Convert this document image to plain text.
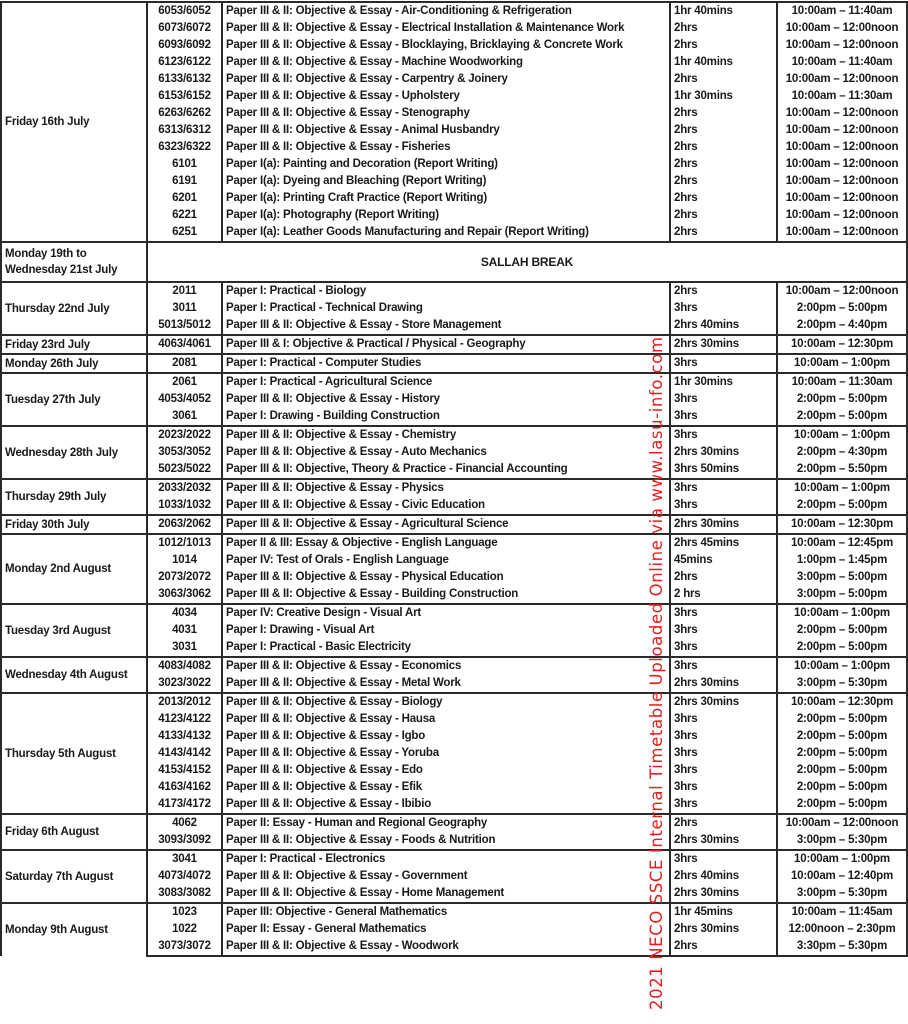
Friday 16th July	6053/6052	Paper III & II: Objective & Essay - Air-Conditioning & Refrigeration	1hr 40mins	10:00am – 11:40am
	6073/6072	Paper III & II: Objective & Essay - Electrical Installation & Maintenance Work	2hrs	10:00am – 12:00noon
	6093/6092	Paper III & II: Objective & Essay - Blocklaying, Bricklaying & Concrete Work	2hrs	10:00am – 12:00noon
	6123/6122	Paper III & II: Objective & Essay - Machine Woodworking	1hr 40mins	10:00am – 11:40am
	6133/6132	Paper III & II: Objective & Essay - Carpentry & Joinery	2hrs	10:00am – 12:00noon
	6153/6152	Paper III & II: Objective & Essay - Upholstery	1hr 30mins	10:00am – 11:30am
	6263/6262	Paper III & II: Objective & Essay - Stenography	2hrs	10:00am – 12:00noon
	6313/6312	Paper III & II: Objective & Essay - Animal Husbandry	2hrs	10:00am – 12:00noon
	6323/6322	Paper III & II: Objective & Essay - Fisheries	2hrs	10:00am – 12:00noon
	6101	Paper I(a): Painting and Decoration (Report Writing)	2hrs	10:00am – 12:00noon
	6191	Paper I(a): Dyeing and Bleaching (Report Writing)	2hrs	10:00am – 12:00noon
	6201	Paper I(a): Printing Craft Practice (Report Writing)	2hrs	10:00am – 12:00noon
	6221	Paper I(a): Photography (Report Writing)	2hrs	10:00am – 12:00noon
	6251	Paper I(a): Leather Goods Manufacturing and Repair (Report Writing)	2hrs	10:00am – 12:00noon
Monday 19th to Wednesday 21st July	SALLAH BREAK			
Thursday 22nd July	2011	Paper I: Practical - Biology	2hrs	10:00am – 12:00noon
	3011	Paper I: Practical - Technical Drawing	3hrs	2:00pm – 5:00pm
	5013/5012	Paper III & II: Objective & Essay - Store Management	2hrs 40mins	2:00pm – 4:40pm
Friday 23rd July	4063/4061	Paper III & I: Objective & Practical / Physical - Geography	2hrs 30mins	10:00am – 12:30pm
Monday 26th July	2081	Paper I: Practical - Computer Studies	3hrs	10:00am – 1:00pm
Tuesday 27th July	2061	Paper I: Practical - Agricultural Science	1hr 30mins	10:00am – 11:30am
	4053/4052	Paper III & II: Objective & Essay - History	3hrs	2:00pm – 5:00pm
	3061	Paper I: Drawing - Building Construction	3hrs	2:00pm – 5:00pm
Wednesday 28th July	2023/2022	Paper III & II: Objective & Essay - Chemistry	3hrs	10:00am – 1:00pm
	3053/3052	Paper III & II: Objective & Essay - Auto Mechanics	2hrs 30mins	2:00pm – 4:30pm
	5023/5022	Paper III & II: Objective, Theory & Practice - Financial Accounting	3hrs 50mins	2:00pm – 5:50pm
Thursday 29th July	2033/2032	Paper III & II: Objective & Essay - Physics	3hrs	10:00am – 1:00pm
	1033/1032	Paper III & II: Objective & Essay - Civic Education	3hrs	2:00pm – 5:00pm
Friday 30th July	2063/2062	Paper III & II: Objective & Essay - Agricultural Science	2hrs 30mins	10:00am – 12:30pm
Monday 2nd August	1012/1013	Paper II & III: Essay & Objective - English Language	2hrs 45mins	10:00am – 12:45pm
	1014	Paper IV: Test of Orals - English Language	45mins	1:00pm – 1:45pm
	2073/2072	Paper III & II: Objective & Essay - Physical Education	2hrs	3:00pm – 5:00pm
	3063/3062	Paper III & II: Objective & Essay - Building Construction	2 hrs	3:00pm – 5:00pm
Tuesday 3rd August	4034	Paper IV: Creative Design - Visual Art	3hrs	10:00am – 1:00pm
	4031	Paper I: Drawing - Visual Art	3hrs	2:00pm – 5:00pm
	3031	Paper I: Practical - Basic Electricity	3hrs	2:00pm – 5:00pm
Wednesday 4th August	4083/4082	Paper III & II: Objective & Essay - Economics	3hrs	10:00am – 1:00pm
	3023/3022	Paper III & II: Objective & Essay - Metal Work	2hrs 30mins	3:00pm – 5:30pm
Thursday 5th August	2013/2012	Paper III & II: Objective & Essay - Biology	2hrs 30mins	10:00am – 12:30pm
	4123/4122	Paper III & II: Objective & Essay - Hausa	3hrs	2:00pm – 5:00pm
	4133/4132	Paper III & II: Objective & Essay - Igbo	3hrs	2:00pm – 5:00pm
	4143/4142	Paper III & II: Objective & Essay - Yoruba	3hrs	2:00pm – 5:00pm
	4153/4152	Paper III & II: Objective & Essay - Edo	3hrs	2:00pm – 5:00pm
	4163/4162	Paper III & II: Objective & Essay - Efik	3hrs	2:00pm – 5:00pm
	4173/4172	Paper III & II: Objective & Essay - Ibibio	3hrs	2:00pm – 5:00pm
Friday 6th August	4062	Paper II: Essay - Human and Regional Geography	2hrs	10:00am – 12:00noon
	3093/3092	Paper III & II: Objective & Essay - Foods & Nutrition	2hrs 30mins	3:00pm – 5:30pm
Saturday 7th August	3041	Paper I: Practical - Electronics	3hrs	10:00am – 1:00pm
	4073/4072	Paper III & II: Objective & Essay - Government	2hrs 40mins	10:00am – 12:40pm
	3083/3082	Paper III & II: Objective & Essay - Home Management	2hrs 30mins	3:00pm – 5:30pm
Monday 9th August	1023	Paper III: Objective - General Mathematics	1hr 45mins	10:00am – 11:45am
	1022	Paper II: Essay - General Mathematics	2hrs 30mins	12:00noon – 2:30pm
	3073/3072	Paper III & II: Objective & Essay - Woodwork	2hrs	3:30pm – 5:30pm
2021 NECO SSCE Internal Timetable Uploaded Online via www.lasu-info.com
